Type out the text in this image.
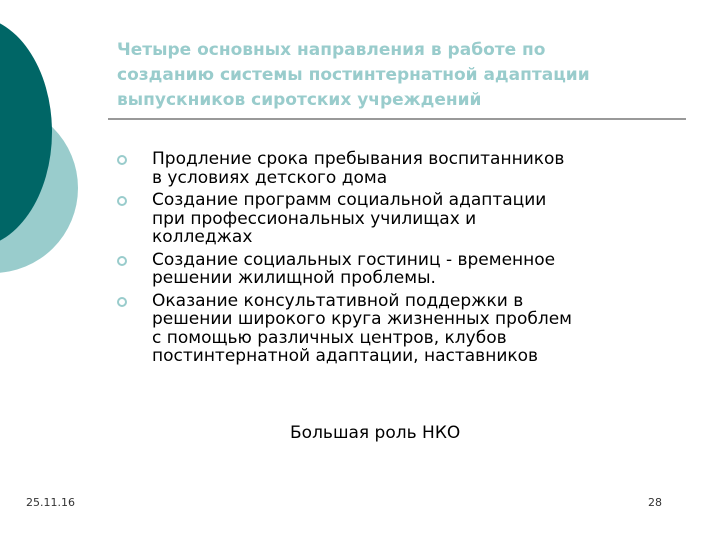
Четыре основных направления в работе по
созданию системы постинтернатной адаптации
выпускников сиротских учреждений
Продление срока пребывания воспитанников
в условиях детского дома
Создание программ социальной адаптации
при профессиональных училищах и
колледжах
Создание социальных гостиниц - временное
решении жилищной проблемы.
Оказание консультативной поддержки в
решении широкого круга жизненных проблем
с помощью различных центров, клубов
постинтернатной адаптации, наставников
Большая роль НКО
25.11.16	28
